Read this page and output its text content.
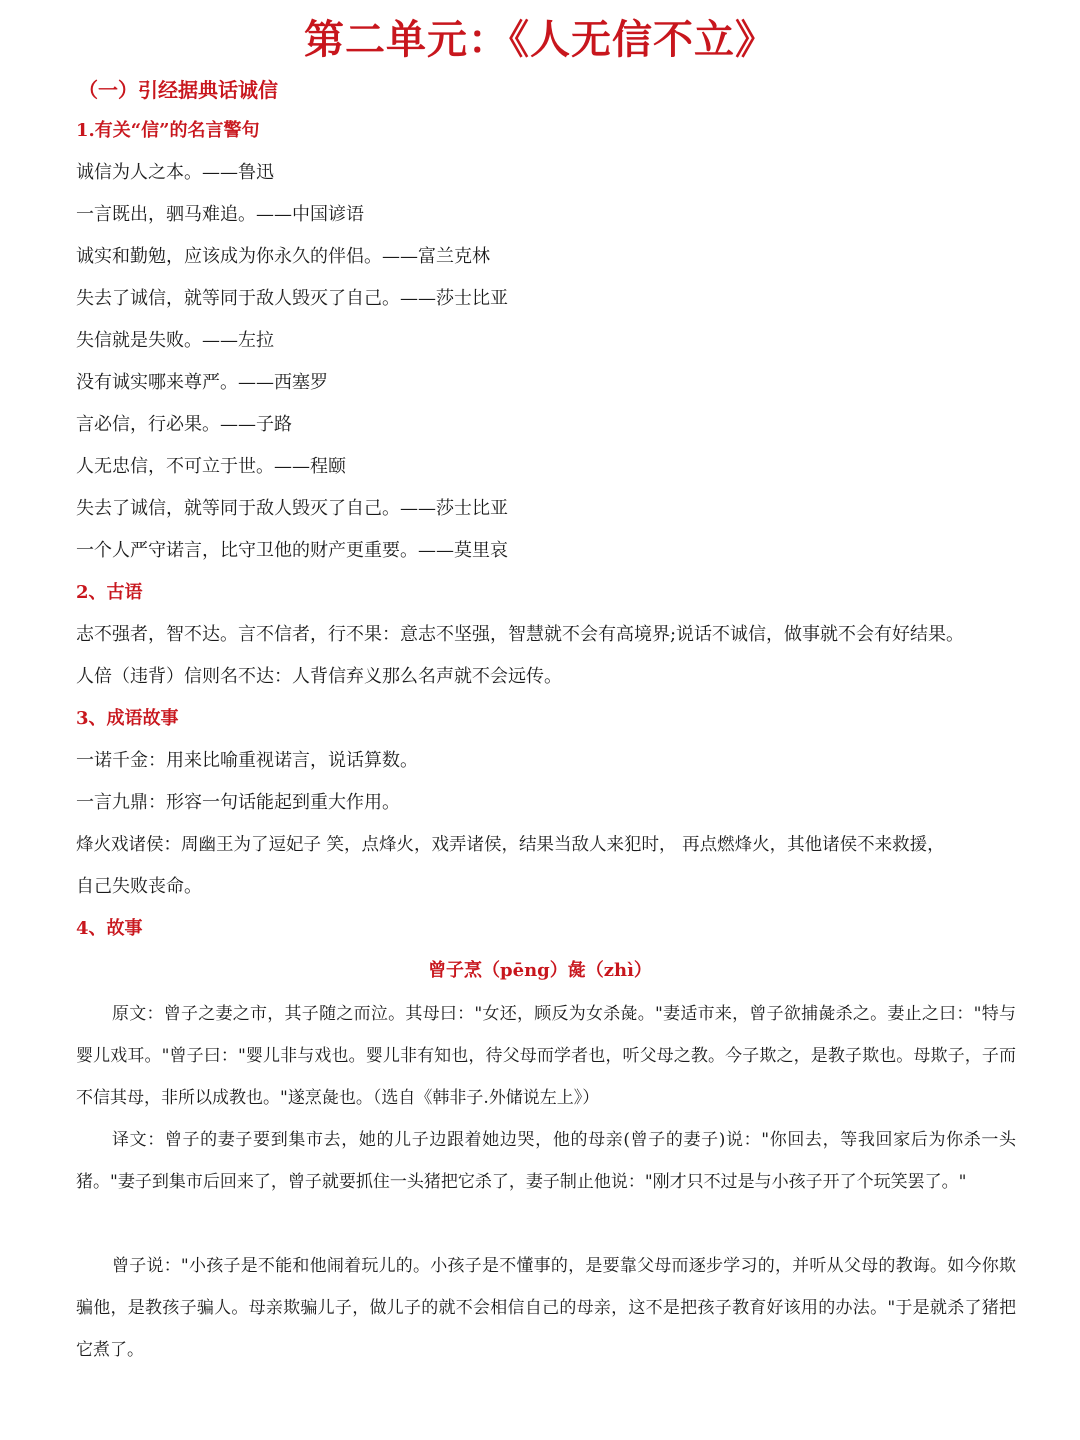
第二单元：《人无信不立》
（一）引经据典话诚信
1.有关“信”的名言警句
诚信为人之本。——鲁迅
一言既出，驷马难追。——中国谚语
诚实和勤勉，应该成为你永久的伴侣。——富兰克林
失去了诚信，就等同于敌人毁灭了自己。——莎士比亚
失信就是失败。——左拉
没有诚实哪来尊严。——西塞罗
言必信，行必果。——子路
人无忠信，不可立于世。——程颐
失去了诚信，就等同于敌人毁灭了自己。——莎士比亚
一个人严守诺言，比守卫他的财产更重要。——莫里哀
2、古语
志不强者，智不达。言不信者，行不果：意志不坚强，智慧就不会有高境界;说话不诚信，做事就不会有好结果。
人倍（违背）信则名不达：人背信弃义那么名声就不会远传。
3、成语故事
一诺千金：用来比喻重视诺言，说话算数。
一言九鼎：形容一句话能起到重大作用。
烽火戏诸侯：周幽王为了逗妃子 笑，点烽火，戏弄诸侯，结果当敌人来犯时， 再点燃烽火，其他诸侯不来救援，
自己失败丧命。
4、故事
曾子烹（pēng）彘（zhì）

原文：曾子之妻之市，其子随之而泣。其母曰："女还，顾反为女杀彘。"妻适市来，曾子欲捕彘杀之。妻止之曰："特与婴儿戏耳。"曾子曰："婴儿非与戏也。婴儿非有知也，待父母而学者也，听父母之教。今子欺之，是教子欺也。母欺子，子而不信其母，非所以成教也。"遂烹彘也。（选自《韩非子.外储说左上》）

译文：曾子的妻子要到集市去，她的儿子边跟着她边哭，他的母亲(曾子的妻子)说："你回去，等我回家后为你杀一头猪。"妻子到集市后回来了，曾子就要抓住一头猪把它杀了，妻子制止他说："刚才只不过是与小孩子开了个玩笑罢了。"

曾子说："小孩子是不能和他闹着玩儿的。小孩子是不懂事的，是要靠父母而逐步学习的，并听从父母的教诲。如今你欺骗他，是教孩子骗人。母亲欺骗儿子，做儿子的就不会相信自己的母亲，这不是把孩子教育好该用的办法。"于是就杀了猪把它煮了。
